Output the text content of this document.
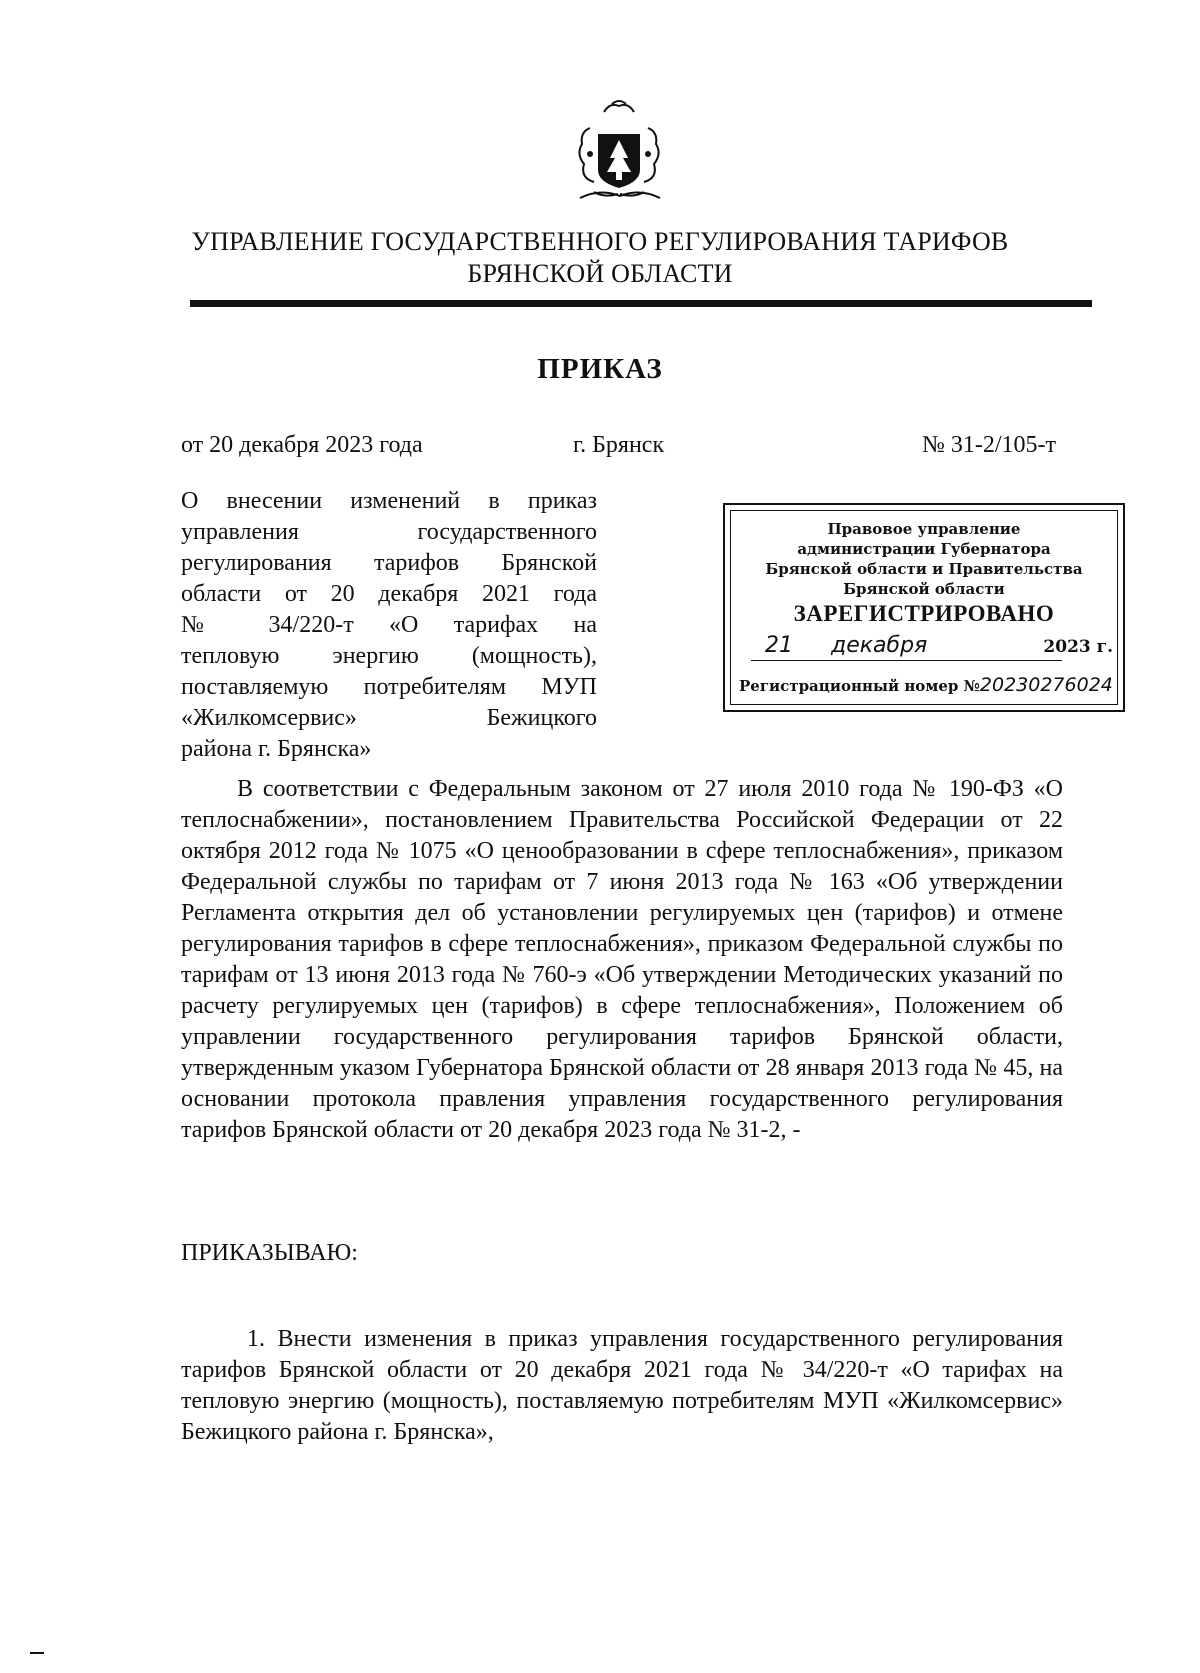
УПРАВЛЕНИЕ ГОСУДАРСТВЕННОГО РЕГУЛИРОВАНИЯ ТАРИФОВ
БРЯНСКОЙ ОБЛАСТИ
ПРИКАЗ
от 20 декабря 2023 года	г. Брянск	№ 31-2/105-т
О внесении изменений в приказ
управления государственного
регулирования тарифов Брянской
области от 20 декабря 2021 года
№ 34/220-т «О тарифах на
тепловую энергию (мощность),
поставляемую потребителям МУП
«Жилкомсервис» Бежицкого
района г. Брянска»
Правовое управление
администрации Губернатора
Брянской области и Правительства
Брянской области
ЗАРЕГИСТРИРОВАНО
21 декабря	2023 г.
Регистрационный номер №20230276024
В соответствии с Федеральным законом от 27 июля 2010 года № 190-ФЗ «О теплоснабжении», постановлением Правительства Российской Федерации от 22 октября 2012 года № 1075 «О ценообразовании в сфере теплоснабжения», приказом Федеральной службы по тарифам от 7 июня 2013 года № 163 «Об утверждении Регламента открытия дел об установлении регулируемых цен (тарифов) и отмене регулирования тарифов в сфере теплоснабжения», приказом Федеральной службы по тарифам от 13 июня 2013 года № 760-э «Об утверждении Методических указаний по расчету регулируемых цен (тарифов) в сфере теплоснабжения», Положением об управлении государственного регулирования тарифов Брянской области, утвержденным указом Губернатора Брянской области от 28 января 2013 года № 45, на основании протокола правления управления государственного регулирования тарифов Брянской области от 20 декабря 2023 года № 31-2, -
ПРИКАЗЫВАЮ:
1. Внести изменения в приказ управления государственного регулирования тарифов Брянской области от 20 декабря 2021 года № 34/220-т «О тарифах на тепловую энергию (мощность), поставляемую потребителям МУП «Жилкомсервис» Бежицкого района г. Брянска»,
